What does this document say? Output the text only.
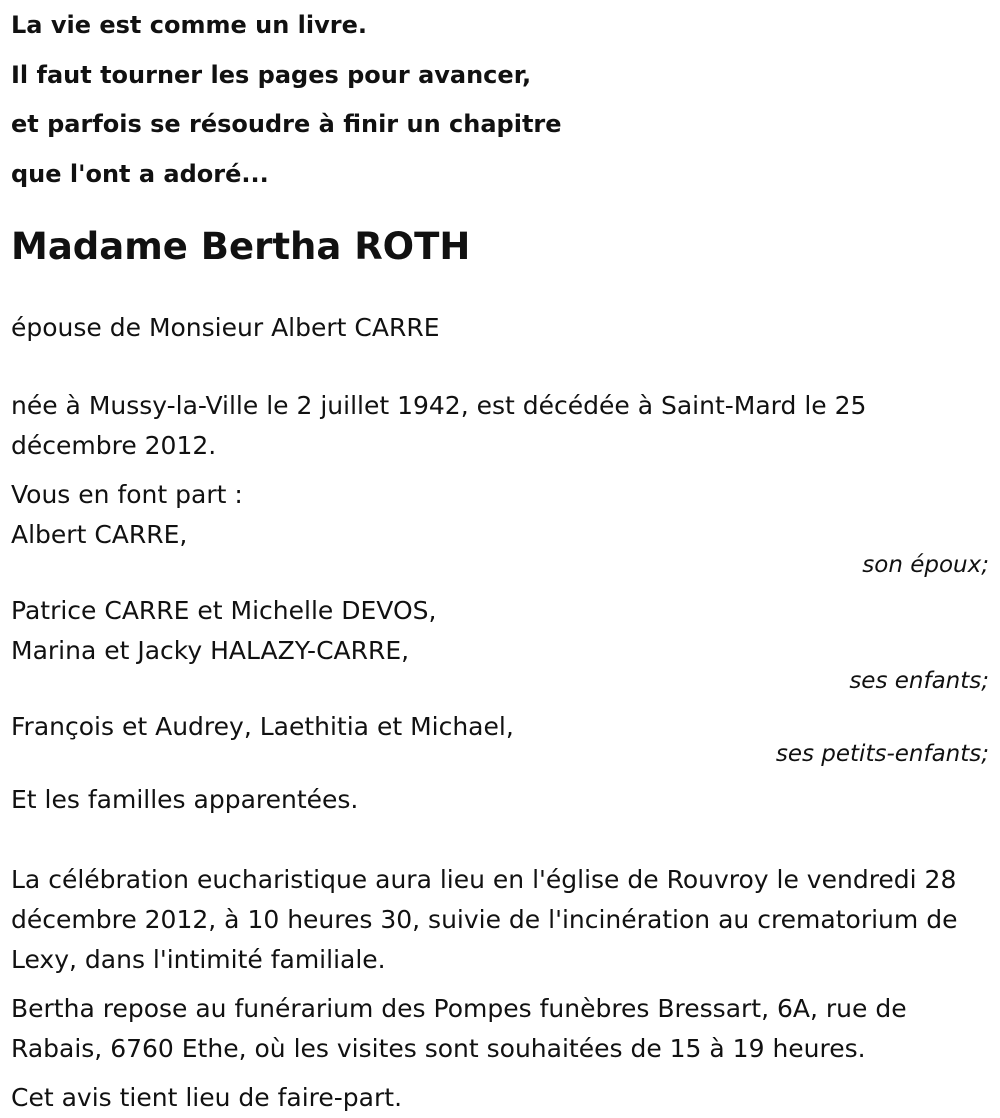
La vie est comme un livre.
Il faut tourner les pages pour avancer,
et parfois se résoudre à finir un chapitre
que l'ont a adoré...
Madame Bertha ROTH
épouse de Monsieur Albert CARRE
née à Mussy-la-Ville le 2 juillet 1942, est décédée à Saint-Mard le 25 décembre 2012.
Vous en font part :
Albert CARRE,
son époux;
Patrice CARRE et Michelle DEVOS,
Marina et Jacky HALAZY-CARRE,
ses enfants;
François et Audrey, Laethitia et Michael,
ses petits-enfants;
Et les familles apparentées.
La célébration eucharistique aura lieu en l'église de Rouvroy le vendredi 28 décembre 2012, à 10 heures 30, suivie de l'incinération au crematorium de Lexy, dans l'intimité familiale.
Bertha repose au funérarium des Pompes funèbres Bressart, 6A, rue de Rabais, 6760 Ethe, où les visites sont souhaitées de 15 à 19 heures.
Cet avis tient lieu de faire-part.
